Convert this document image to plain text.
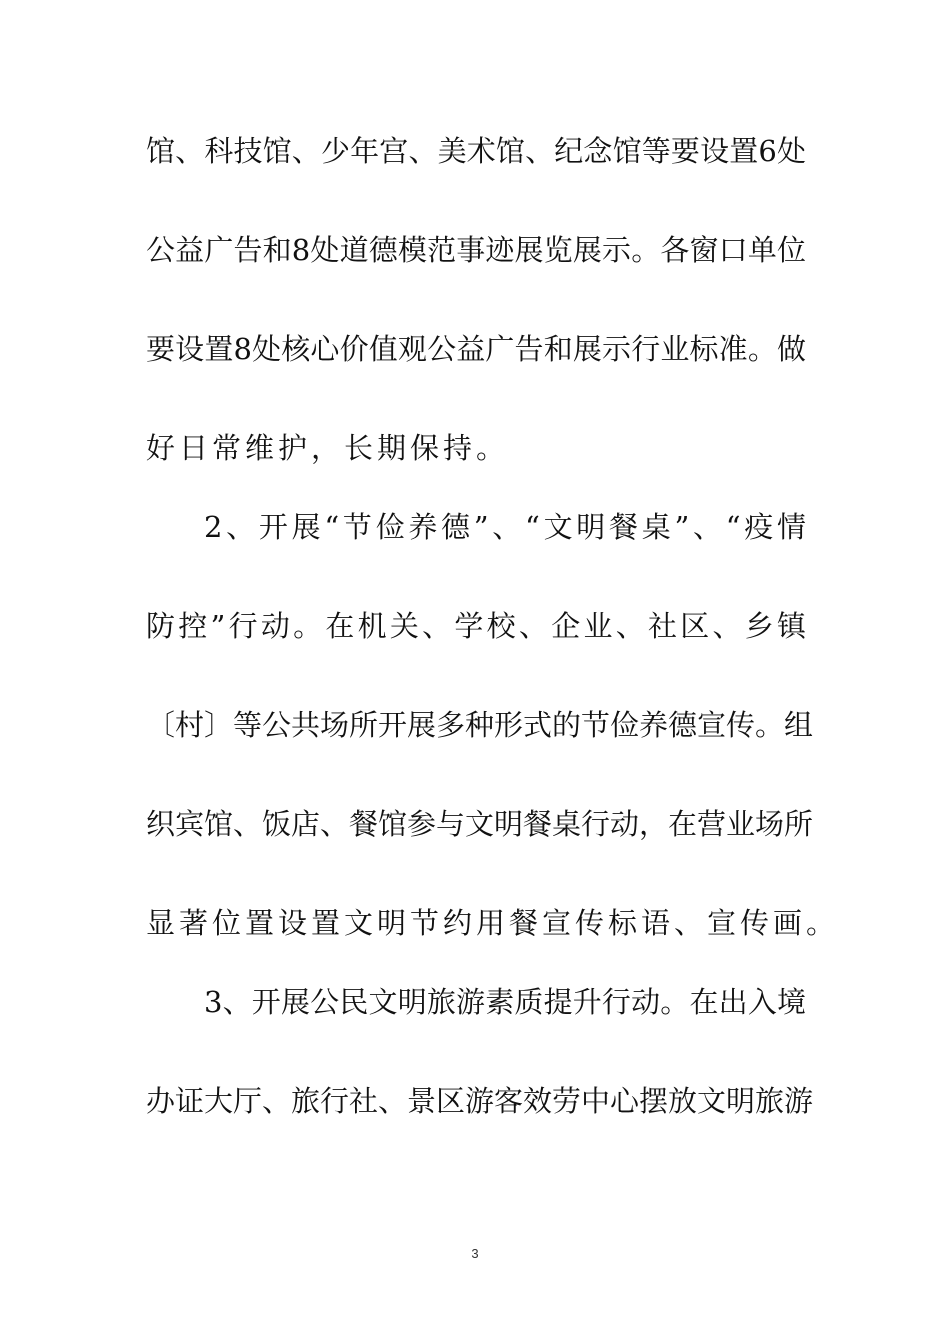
馆、科技馆、少年宫、美术馆、纪念馆等要设置6处
公益广告和8处道德模范事迹展览展示。各窗口单位
要设置8处核心价值观公益广告和展示行业标准。做
好日常维护，长期保持。
2、开展“节俭养德”、“文明餐桌”、“疫情
防控”行动。在机关、学校、企业、社区、乡镇
〔村〕等公共场所开展多种形式的节俭养德宣传。组
织宾馆、饭店、餐馆参与文明餐桌行动，在营业场所
显著位置设置文明节约用餐宣传标语、宣传画。
3、开展公民文明旅游素质提升行动。在出入境
办证大厅、旅行社、景区游客效劳中心摆放文明旅游
3
